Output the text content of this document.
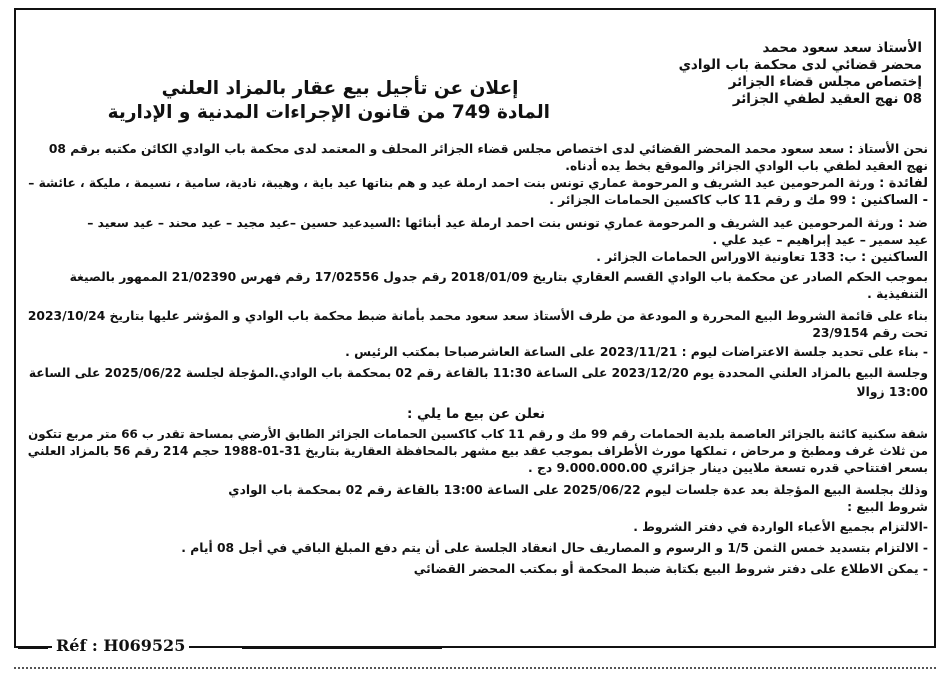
الأستاذ سعد سعود محمد
محضر قضائي لدى محكمة باب الوادي
إختصاص مجلس قضاء الجزائر
08 نهج العقيد لطفي الجزائر
إعلان عن تأجيل بيع عقار بالمزاد العلني
المادة 749 من قانون الإجراءات المدنية و الإدارية
نحن الأستاذ : سعد سعود محمد المحضر القضائي لدى اختصاص مجلس قضاء الجزائر المحلف و المعتمد لدى محكمة باب الوادي الكائن مكتبه برقم 08
نهج العقيد لطفي باب الوادي الجزائر والموقع بخط يده أدناه.
لفائدة : ورثة المرحومين عيد الشريف و المرحومة عماري تونس بنت احمد ارملة عيد و هم بناتها عيد باية ، وهيبة، نادية، سامية ، نسيمة ، مليكة ، عائشة –
- الساكنين : 99 مك و رقم 11 كاب كاكسين الحمامات الجزائر .
ضد : ورثة المرحومين عيد الشريف و المرحومة عماري تونس بنت احمد ارملة عيد أبنائها :السيدعيد حسين –عيد مجيد – عيد محند – عيد سعيد –
عيد سمير – عيد إبراهيم – عيد علي .
الساكنين : ب: 133 تعاونية الاوراس الحمامات الجزائر .
بموجب الحكم الصادر عن محكمة باب الوادي القسم العقاري بتاريخ 2018/01/09 رقم جدول 17/02556 رقم فهرس 21/02390 الممهور بالصيغة
التنفيذية .
بناء على قائمة الشروط البيع المحررة و المودعة من طرف الأستاذ سعد سعود محمد بأمانة ضبط محكمة باب الوادي و المؤشر عليها بتاريخ 2023/10/24
تحت رقم 23/9154
- بناء على تحديد جلسة الاعتراضات ليوم : 2023/11/21 على الساعة العاشرصباحا بمكتب الرئيس .
وجلسة البيع بالمزاد العلني المحددة يوم 2023/12/20 على الساعة 11:30 بالقاعة رقم 02 بمحكمة باب الوادي.المؤجلة لجلسة 2025/06/22 على الساعة
13:00 زوالا
نعلن عن بيع ما يلي :
شقة سكنية كائنة بالجزائر العاصمة بلدية الحمامات رقم 99 مك و رقم 11 كاب كاكسين الحمامات الجزائر الطابق الأرضي بمساحة تقدر ب 66 متر مربع تتكون
من ثلاث غرف ومطبخ و مرحاض ، تملكها مورث الأطراف بموجب عقد بيع مشهر بالمحافظة العقارية بتاريخ 31-01-1988 حجم 214 رقم 56 بالمزاد العلني
بسعر افتتاحي قدره تسعة ملايين دينار جزائري 9.000.000.00 دج .
وذلك بجلسة البيع المؤجلة بعد عدة جلسات ليوم 2025/06/22 على الساعة 13:00 بالقاعة رقم 02 بمحكمة باب الوادي
شروط البيع :
-الالتزام بجميع الأعباء الواردة في دفتر الشروط .
- الالتزام بتسديد خمس الثمن 1/5 و الرسوم و المصاريف حال انعقاد الجلسة على أن يتم دفع المبلغ الباقي في أجل 08 أيام .
- يمكن الاطلاع على دفتر شروط البيع بكتابة ضبط المحكمة أو بمكتب المحضر القضائي
Réf : H069525
